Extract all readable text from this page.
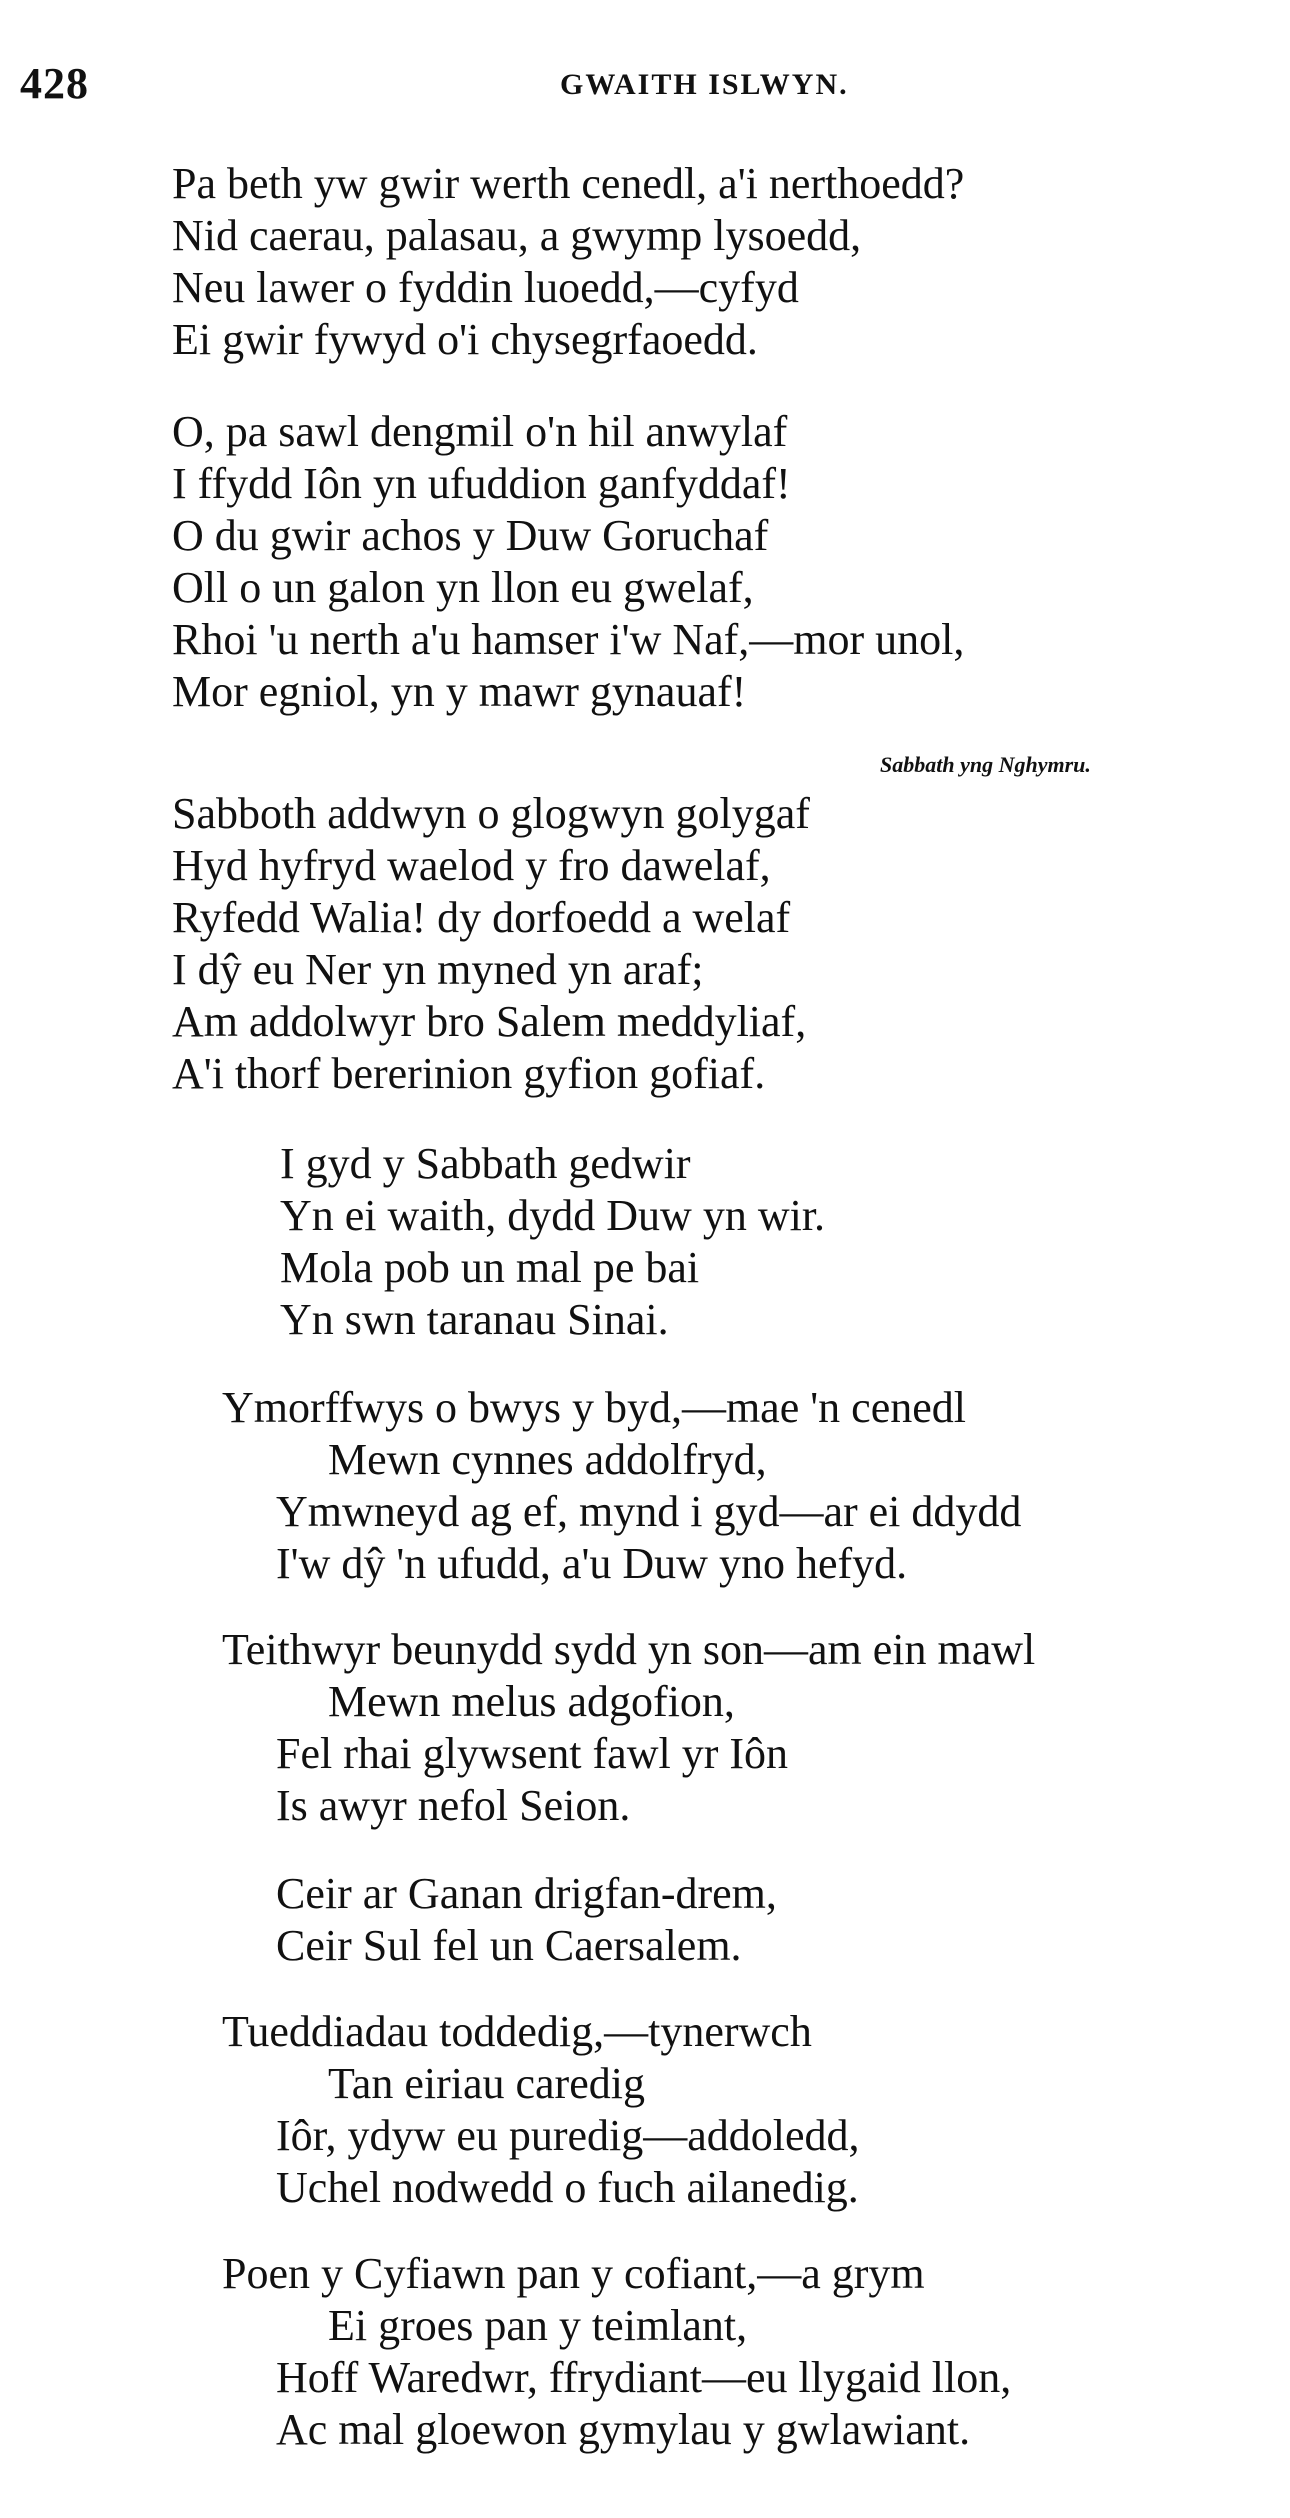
428	GWAITH ISLWYN.
Pa beth yw gwir werth cenedl, a'i nerthoedd?
Nid caerau, palasau, a gwymp lysoedd,
Neu lawer o fyddin luoedd,—cyfyd
Ei gwir fywyd o'i chysegrfaoedd.
O, pa sawl dengmil o'n hil anwylaf
I ffydd Iôn yn ufuddion ganfyddaf!
O du gwir achos y Duw Goruchaf
Oll o un galon yn llon eu gwelaf,
Rhoi 'u nerth a'u hamser i'w Naf,—mor unol,
Mor egniol, yn y mawr gynauaf!
Sabbath yng Nghymru.
Sabboth addwyn o glogwyn golygaf
Hyd hyfryd waelod y fro dawelaf,
Ryfedd Walia! dy dorfoedd a welaf
I dŷ eu Ner yn myned yn araf;
Am addolwyr bro Salem meddyliaf,
A'i thorf bererinion gyfion gofiaf.
I gyd y Sabbath gedwir
Yn ei waith, dydd Duw yn wir.
Mola pob un mal pe bai
Yn swn taranau Sinai.
Ymorffwys o bwys y byd,—mae 'n cenedl
Mewn cynnes addolfryd,
Ymwneyd ag ef, mynd i gyd—ar ei ddydd
I'w dŷ 'n ufudd, a'u Duw yno hefyd.
Teithwyr beunydd sydd yn son—am ein mawl
Mewn melus adgofion,
Fel rhai glywsent fawl yr Iôn
Is awyr nefol Seion.
Ceir ar Ganan drigfan-drem,
Ceir Sul fel un Caersalem.
Tueddiadau toddedig,—tynerwch
Tan eiriau caredig
Iôr, ydyw eu puredig—addoledd,
Uchel nodwedd o fuch ailanedig.
Poen y Cyfiawn pan y cofiant,—a grym
Ei groes pan y teimlant,
Hoff Waredwr, ffrydiant—eu llygaid llon,
Ac mal gloewon gymylau y gwlawiant.
